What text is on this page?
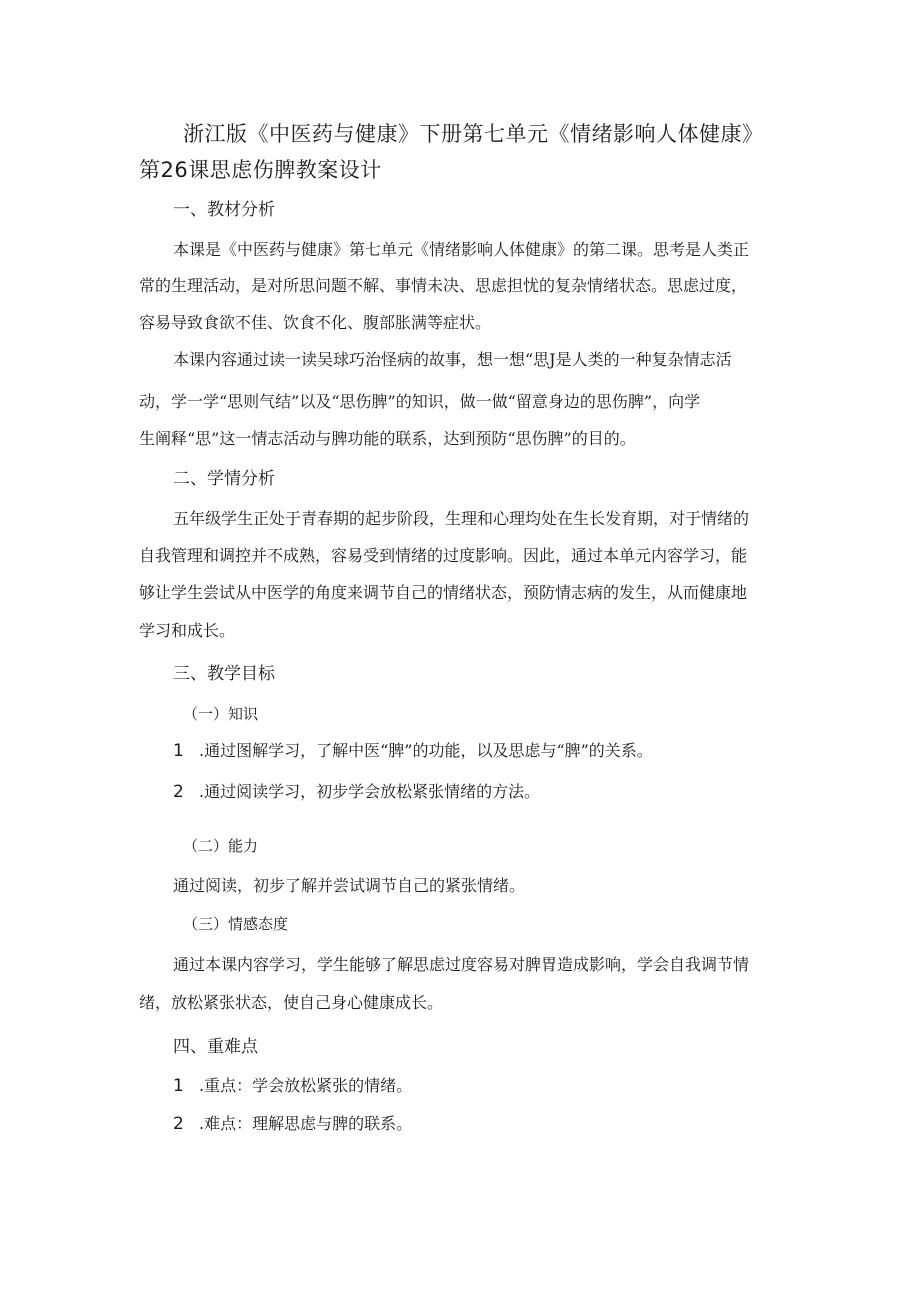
浙江版《中医药与健康》下册第七单元《情绪影响人体健康》
第26课思虑伤脾教案设计
一、教材分析
本课是《中医药与健康》第七单元《情绪影响人体健康》的第二课。思考是人类正
常的生理活动，是对所思问题不解、事情未决、思虑担忧的复杂情绪状态。思虑过度，
容易导致食欲不佳、饮食不化、腹部胀满等症状。
本课内容通过读一读吴球巧治怪病的故事，想一想“思J是人类的一种复杂情志活
动，学一学“思则气结”以及“思伤脾”的知识，做一做“留意身边的思伤脾”，向学
生阐释“思”这一情志活动与脾功能的联系，达到预防“思伤脾”的目的。
二、学情分析
五年级学生正处于青春期的起步阶段，生理和心理均处在生长发育期，对于情绪的
自我管理和调控并不成熟，容易受到情绪的过度影响。因此，通过本单元内容学习，能
够让学生尝试从中医学的角度来调节自己的情绪状态，预防情志病的发生，从而健康地
学习和成长。
三、教学目标
（一）知识
1 .通过图解学习，了解中医“脾”的功能，以及思虑与“脾”的关系。
2 .通过阅读学习，初步学会放松紧张情绪的方法。
（二）能力
通过阅读，初步了解并尝试调节自己的紧张情绪。
（三）情感态度
通过本课内容学习，学生能够了解思虑过度容易对脾胃造成影响，学会自我调节情
绪，放松紧张状态，使自己身心健康成长。
四、重难点
1 .重点：学会放松紧张的情绪。
2 .难点：理解思虑与脾的联系。
